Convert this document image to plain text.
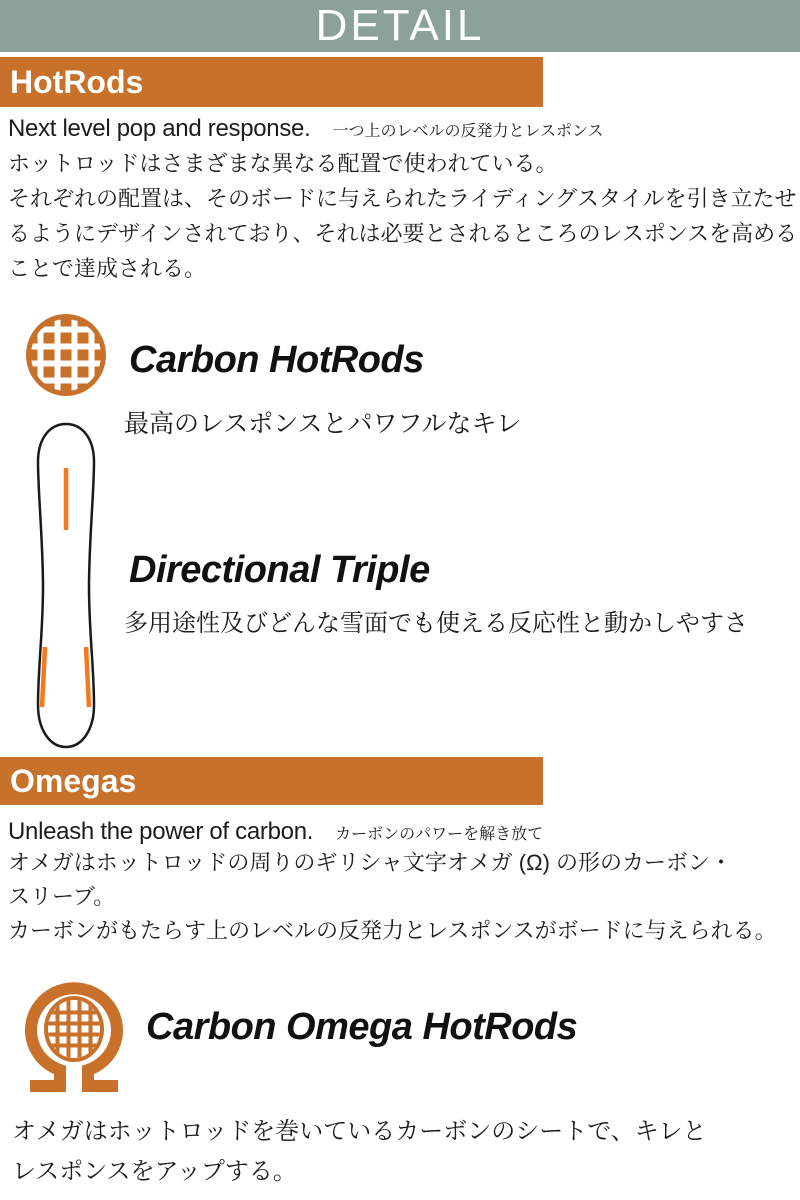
DETAIL
HotRods
Next level pop and response. 一つ上のレベルの反発力とレスポンス
ホットロッドはさまざまな異なる配置で使われている。
それぞれの配置は、そのボードに与えられたライディングスタイルを引き立たせ
るようにデザインされており、それは必要とされるところのレスポンスを高める
ことで達成される。
Carbon HotRods
最高のレスポンスとパワフルなキレ
Directional Triple
多用途性及びどんな雪面でも使える反応性と動かしやすさ
Omegas
Unleash the power of carbon. カーボンのパワーを解き放て
オメガはホットロッドの周りのギリシャ文字オメガ (Ω) の形のカーボン・
スリーブ。
カーボンがもたらす上のレベルの反発力とレスポンスがボードに与えられる。
Carbon Omega HotRods
オメガはホットロッドを巻いているカーボンのシートで、キレと
レスポンスをアップする。
